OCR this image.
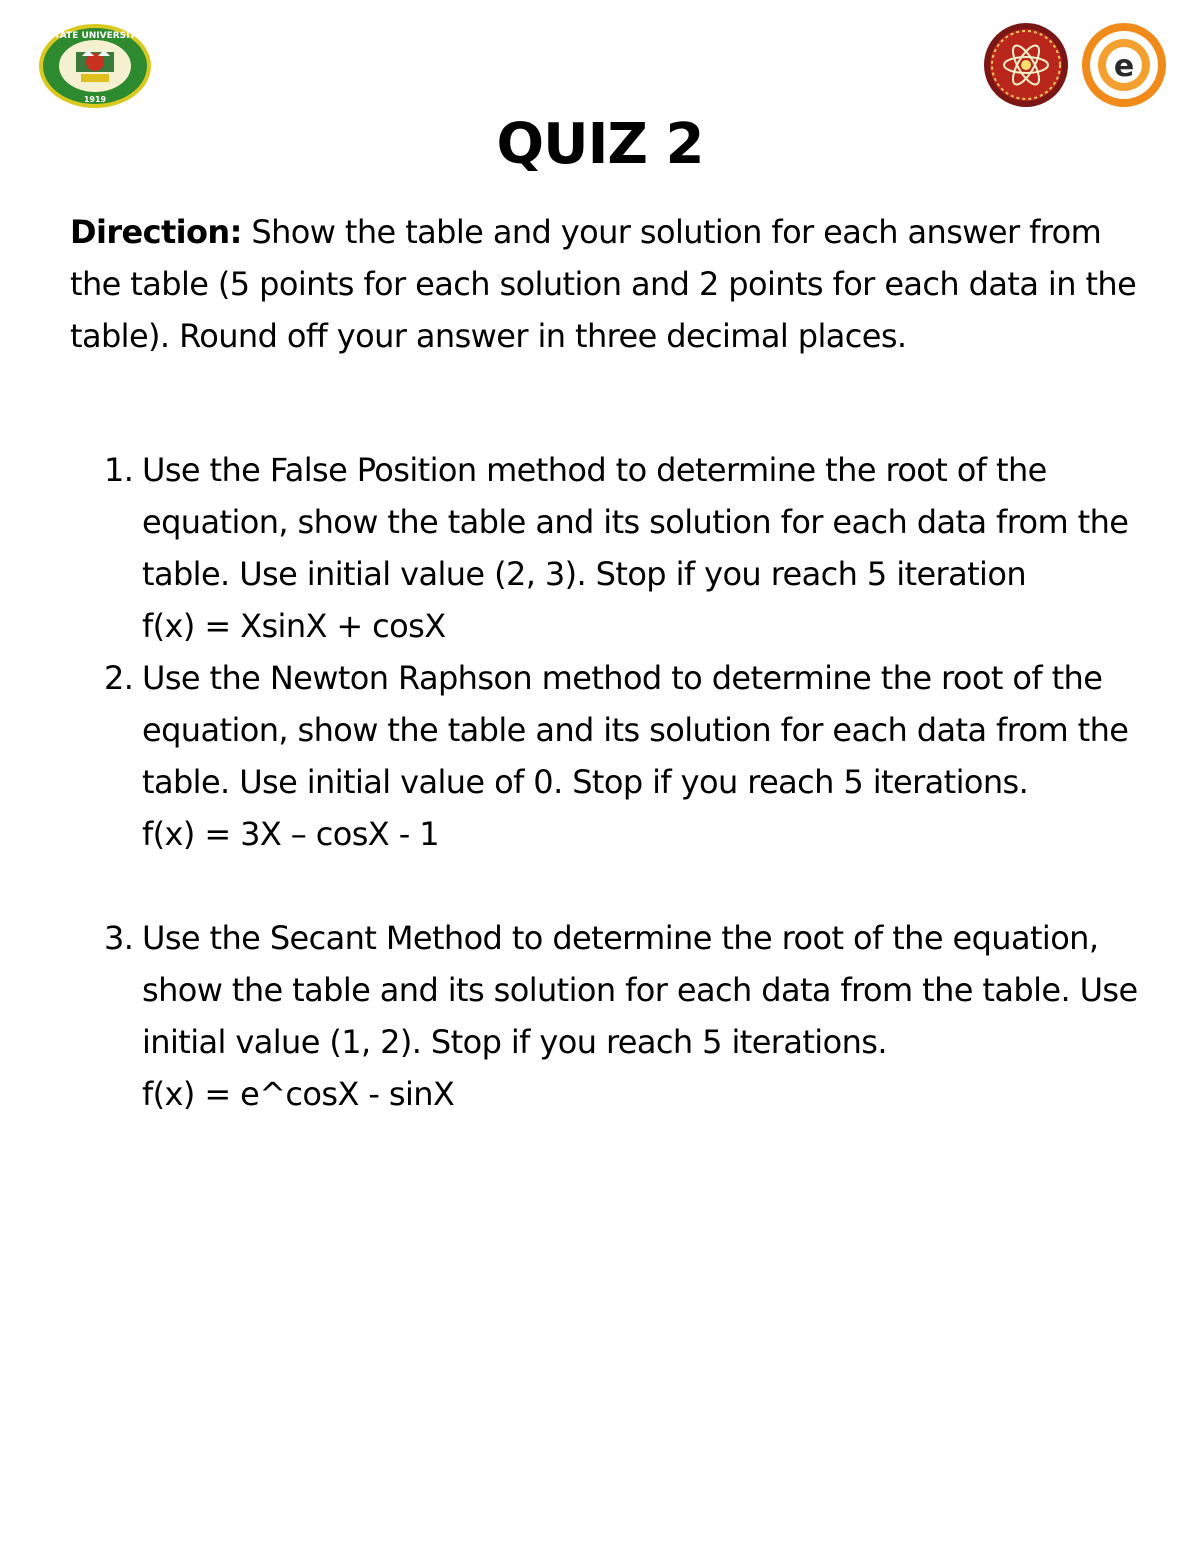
STATE UNIVERSITY
1919
e
QUIZ 2
Direction: Show the table and your solution for each answer from the table (5 points for each solution and 2 points for each data in the table). Round off your answer in three decimal places.
1. Use the False Position method to determine the root of the equation, show the table and its solution for each data from the table. Use initial value (2, 3). Stop if you reach 5 iteration
f(x) = XsinX + cosX
2. Use the Newton Raphson method to determine the root of the equation, show the table and its solution for each data from the table. Use initial value of 0. Stop if you reach 5 iterations.
f(x) = 3X – cosX - 1
3. Use the Secant Method to determine the root of the equation, show the table and its solution for each data from the table. Use initial value (1, 2). Stop if you reach 5 iterations.
f(x) = e^cosX - sinX
